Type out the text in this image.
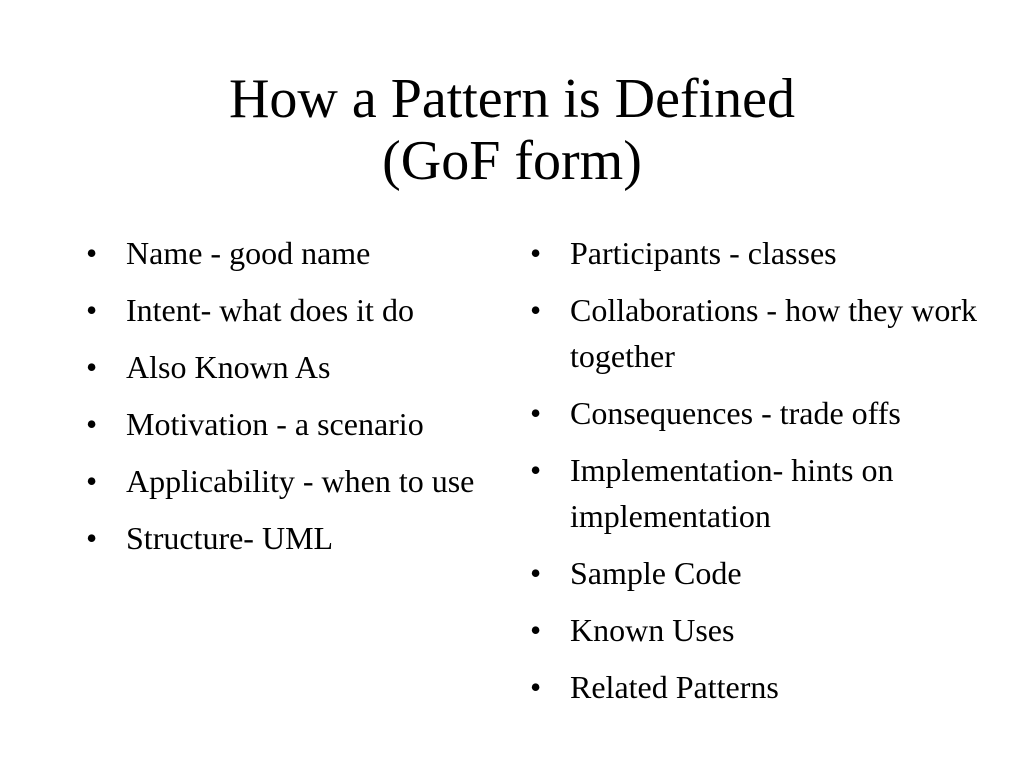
How a Pattern is Defined
(GoF form)
• Name - good name
• Intent- what does it do
• Also Known As
• Motivation - a scenario
• Applicability - when to use
• Structure- UML
• Participants - classes
• Collaborations - how they work together
• Consequences - trade offs
• Implementation- hints on implementation
• Sample Code
• Known Uses
• Related Patterns
